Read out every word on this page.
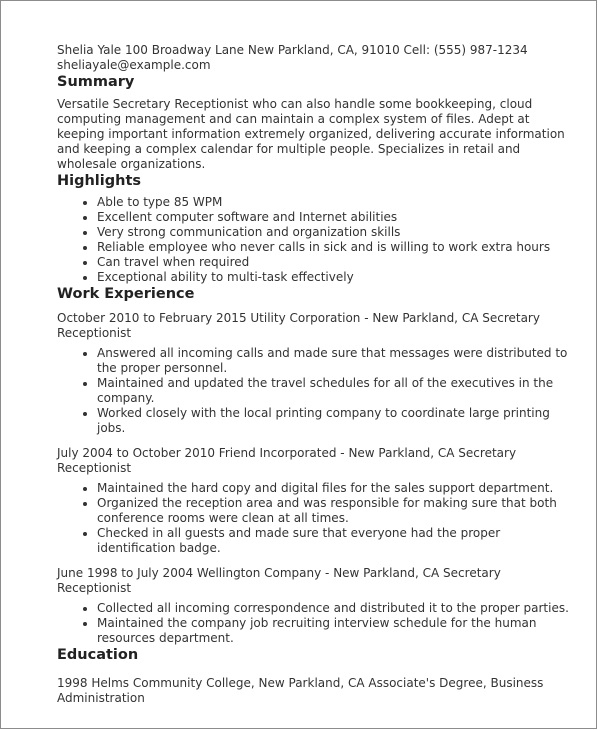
Shelia Yale 100 Broadway Lane New Parkland, CA, 91010 Cell: (555) 987-1234
sheliayale@example.com
Summary
Versatile Secretary Receptionist who can also handle some bookkeeping, cloud computing management and can maintain a complex system of files. Adept at keeping important information extremely organized, delivering accurate information and keeping a complex calendar for multiple people. Specializes in retail and wholesale organizations.
Highlights
• Able to type 85 WPM
• Excellent computer software and Internet abilities
• Very strong communication and organization skills
• Reliable employee who never calls in sick and is willing to work extra hours
• Can travel when required
• Exceptional ability to multi-task effectively
Work Experience
October 2010 to February 2015 Utility Corporation - New Parkland, CA Secretary Receptionist
• Answered all incoming calls and made sure that messages were distributed to the proper personnel.
• Maintained and updated the travel schedules for all of the executives in the company.
• Worked closely with the local printing company to coordinate large printing jobs.
July 2004 to October 2010 Friend Incorporated - New Parkland, CA Secretary Receptionist
• Maintained the hard copy and digital files for the sales support department.
• Organized the reception area and was responsible for making sure that both conference rooms were clean at all times.
• Checked in all guests and made sure that everyone had the proper identification badge.
June 1998 to July 2004 Wellington Company - New Parkland, CA Secretary Receptionist
• Collected all incoming correspondence and distributed it to the proper parties.
• Maintained the company job recruiting interview schedule for the human resources department.
Education
1998 Helms Community College, New Parkland, CA Associate's Degree, Business Administration
